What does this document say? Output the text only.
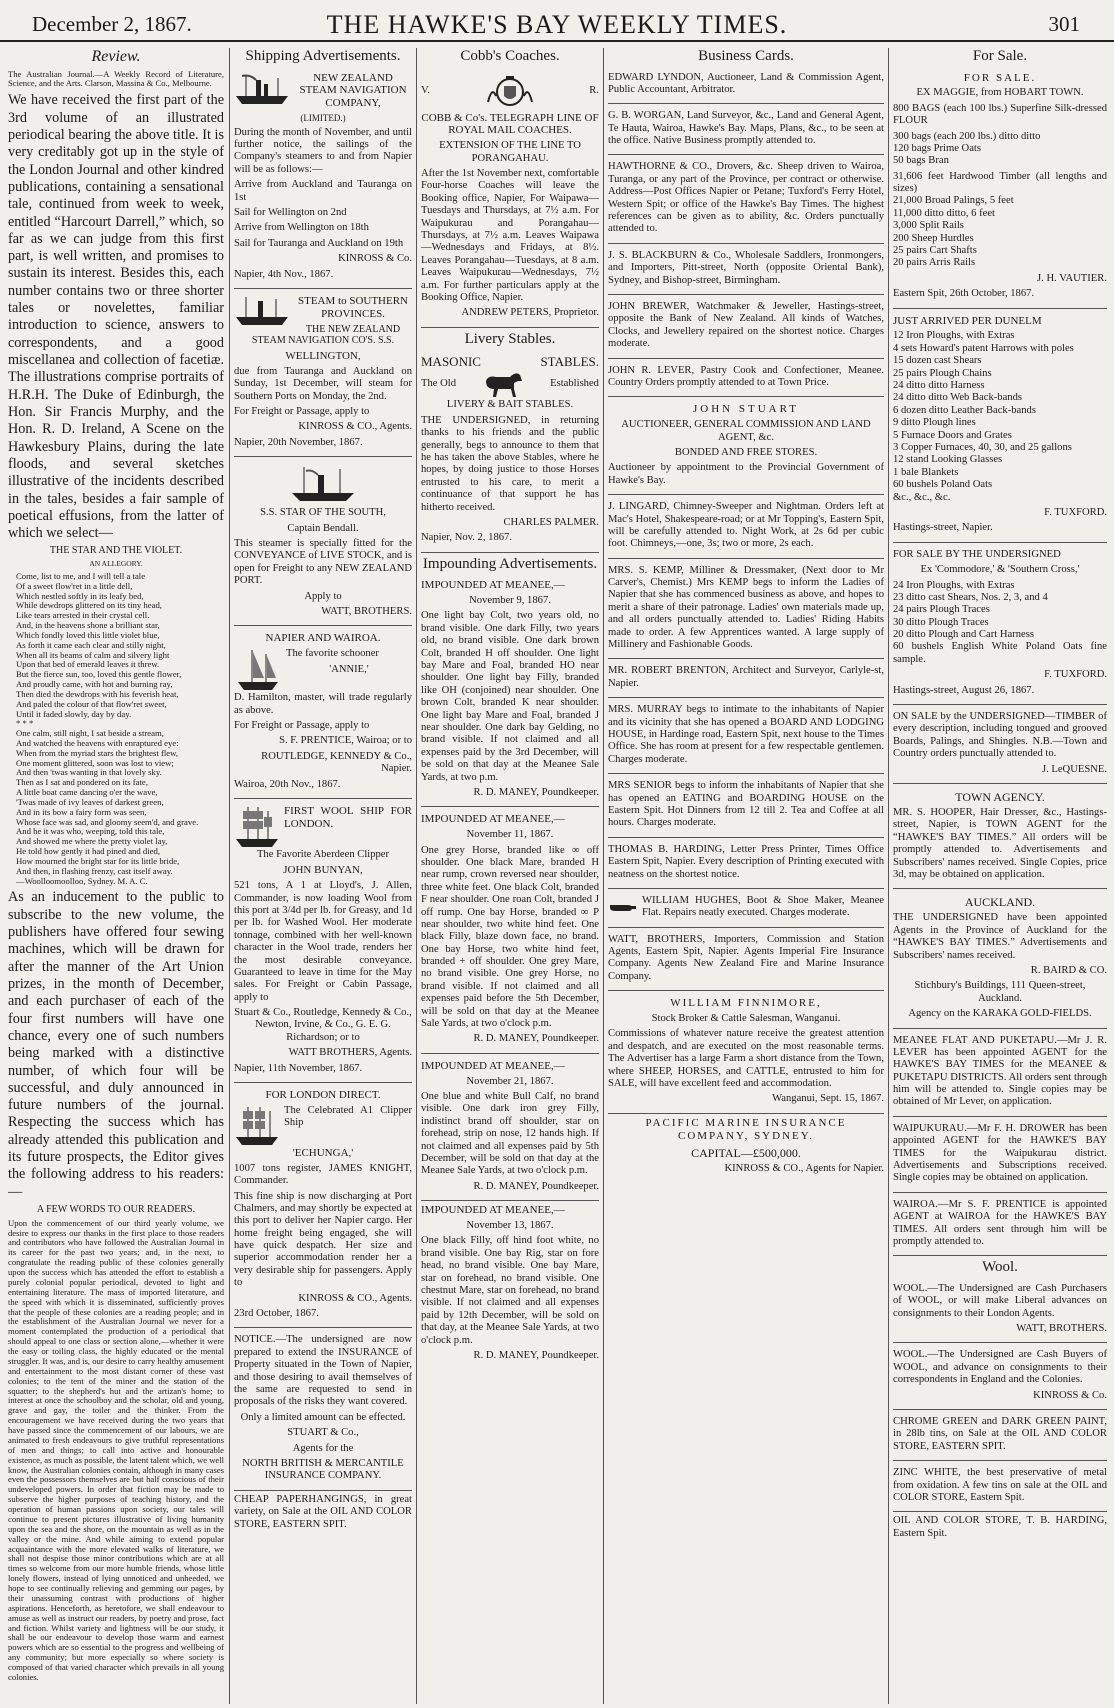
December 2, 1867.	THE HAWKE'S BAY WEEKLY TIMES.	301
Review.

The Australian Journal.—A Weekly Record of Literature, Science, and the Arts. Clarson, Massina & Co., Melbourne.

We have received the first part of the 3rd volume of an illustrated periodical bearing the above title. It is very creditably got up in the style of the London Journal and other kindred publications, containing a sensational tale, continued from week to week, entitled “Harcourt Darrell,” which, so far as we can judge from this first part, is well written, and promises to sustain its interest. Besides this, each number contains two or three shorter tales or novelettes, familiar introduction to science, answers to correspondents, and a good miscellanea and collection of facetiæ. The illustrations comprise portraits of H.R.H. The Duke of Edinburgh, the Hon. Sir Francis Murphy, and the Hon. R. D. Ireland, A Scene on the Hawkesbury Plains, during the late floods, and several sketches illustrative of the incidents described in the tales, besides a fair sample of poetical effusions, from the latter of which we select—

THE STAR AND THE VIOLET.

AN ALLEGORY.

Come, list to me, and I will tell a tale
Of a sweet flow'ret in a little dell,
Which nestled softly in its leafy bed,
While dewdrops glittered on its tiny head,
Like tears arrested in their crystal cell.
And, in the heavens shone a brilliant star,
Which fondly loved this little violet blue,
As forth it came each clear and stilly night,
When all its beams of calm and silvery light
Upon that bed of emerald leaves it threw.
But the fierce sun, too, loved this gentle flower,
And proudly came, with hot and burning ray,
Then died the dewdrops with his feverish heat,
And paled the colour of that flow'ret sweet,
Until it faded slowly, day by day.
* * *
One calm, still night, I sat beside a stream,
And watched the heavens with enraptured eye:
When from the myriad stars the brightest flew,
One moment glittered, soon was lost to view;
And then 'twas wanting in that lovely sky.
Then as I sat and pondered on its fate,
A little boat came dancing o'er the wave,
'Twas made of ivy leaves of darkest green,
And in its bow a fairy form was seen,
Whose face was sad, and gloomy seem'd, and grave.
And he it was who, weeping, told this tale,
And showed me where the pretty violet lay,
He told how gently it had pined and died,
How mourned the bright star for its little bride,
And then, in flashing frenzy, cast itself away.
—Woolloomoolloo, Sydney. M. A. C.

As an inducement to the public to subscribe to the new volume, the publishers have offered four sewing machines, which will be drawn for after the manner of the Art Union prizes, in the month of December, and each purchaser of each of the four first numbers will have one chance, every one of such numbers being marked with a distinctive number, of which four will be successful, and duly announced in future numbers of the journal. Respecting the success which has already attended this publication and its future prospects, the Editor gives the following address to his readers:—

A FEW WORDS TO OUR READERS.

Upon the commencement of our third yearly volume, we desire to express our thanks in the first place to those readers and contributors who have followed the Australian Journal in its career for the past two years; and, in the next, to congratulate the reading public of these colonies generally upon the success which has attended the effort to establish a purely colonial popular periodical, devoted to light and entertaining literature. The mass of imported literature, and the speed with which it is disseminated, sufficiently proves that the people of these colonies are a reading people; and in the establishment of the Australian Journal we never for a moment contemplated the production of a periodical that should appeal to one class or section alone,—whether it were the easy or toiling class, the highly educated or the mental struggler. It was, and is, our desire to carry healthy amusement and entertainment to the most distant corner of these vast colonies; to the tent of the miner and the station of the squatter; to the shepherd's hut and the artizan's home; to interest at once the schoolboy and the scholar, old and young, grave and gay, the toiler and the thinker. From the encouragement we have received during the two years that have passed since the commencement of our labours, we are animated to fresh endeavours to give truthful representations of men and things; to call into active and honourable existence, as much as possible, the latent talent which, we well know, the Australian colonies contain, although in many cases even the possessors themselves are but half conscious of their undeveloped powers. In order that fiction may be made to subserve the higher purposes of teaching history, and the operation of human passions upon society, our tales will continue to present pictures illustrative of living humanity upon the sea and the shore, on the mountain as well as in the valley or the mine. And while aiming to extend popular acquaintance with the more elevated walks of literature, we shall not despise those minor contributions which are at all times so welcome from our more humble friends, whose little lonely flowers, instead of lying unnoticed and unheeded, we hope to see continually relieving and gemming our pages, by their unassuming contrast with productions of higher aspirations. Henceforth, as heretofore, we shall endeavour to amuse as well as instruct our readers, by poetry and prose, fact and fiction. Whilst variety and lightness will be our study, it shall be our endeavour to develop those warm and earnest powers which are so essential to the progress and wellbeing of any community; but more especially so where society is composed of that varied character which prevails in all young colonies.

Shipping Advertisements.

NEW ZEALAND STEAM NAVIGATION COMPANY,

(LIMITED.)

During the month of November, and until further notice, the sailings of the Company's steamers to and from Napier will be as follows:—

Arrive from Auckland and Tauranga on 1st

Sail for Wellington on 2nd

Arrive from Wellington on 18th

Sail for Tauranga and Auckland on 19th

KINROSS & Co.

Napier, 4th Nov., 1867.

STEAM to SOUTHERN PROVINCES.

THE NEW ZEALAND STEAM NAVIGATION CO'S. S.S.

WELLINGTON,

due from Tauranga and Auckland on Sunday, 1st December, will steam for Southern Ports on Monday, the 2nd.

For Freight or Passage, apply to

KINROSS & CO., Agents.

Napier, 20th November, 1867.

S.S. STAR OF THE SOUTH,

Captain Bendall.

This steamer is specially fitted for the CONVEYANCE of LIVE STOCK, and is open for Freight to any NEW ZEALAND PORT.

Apply to

WATT, BROTHERS.

NAPIER AND WAIROA.

The favorite schooner

'ANNIE,'

D. Hamilton, master, will trade regularly as above.

For Freight or Passage, apply to

S. F. PRENTICE, Wairoa; or to

ROUTLEDGE, KENNEDY & Co., Napier.

Wairoa, 20th Nov., 1867.

FIRST WOOL SHIP FOR LONDON.

The Favorite Aberdeen Clipper

JOHN BUNYAN,

521 tons, A 1 at Lloyd's, J. Allen, Commander, is now loading Wool from this port at 3/4d per lb. for Greasy, and 1d per lb. for Washed Wool. Her moderate tonnage, combined with her well-known character in the Wool trade, renders her the most desirable conveyance. Guaranteed to leave in time for the May sales. For Freight or Cabin Passage, apply to

Stuart & Co., Routledge, Kennedy & Co., Newton, Irvine, & Co., G. E. G. Richardson; or to

WATT BROTHERS, Agents.

Napier, 11th November, 1867.

FOR LONDON DIRECT.

The Celebrated A1 Clipper Ship

'ECHUNGA,'

1007 tons register, JAMES KNIGHT, Commander.

This fine ship is now discharging at Port Chalmers, and may shortly be expected at this port to deliver her Napier cargo. Her home freight being engaged, she will have quick despatch. Her size and superior accommodation render her a very desirable ship for passengers. Apply to

KINROSS & CO., Agents.

23rd October, 1867.

NOTICE.—The undersigned are now prepared to extend the INSURANCE of Property situated in the Town of Napier, and those desiring to avail themselves of the same are requested to send in proposals of the risks they want covered.

Only a limited amount can be effected.

STUART & Co.,

Agents for the

NORTH BRITISH & MERCANTILE INSURANCE COMPANY.

CHEAP PAPERHANGINGS, in great variety, on Sale at the OIL AND COLOR STORE, EASTERN SPIT.

Cobb's Coaches.
V.	R.

COBB & Co's. TELEGRAPH LINE OF ROYAL MAIL COACHES.

EXTENSION OF THE LINE TO PORANGAHAU.

After the 1st November next, comfortable Four-horse Coaches will leave the Booking office, Napier, For Waipawa—Tuesdays and Thursdays, at 7½ a.m. For Waipukurau and Porangahau—Thursdays, at 7½ a.m. Leaves Waipawa—Wednesdays and Fridays, at 8½. Leaves Porangahau—Tuesdays, at 8 a.m. Leaves Waipukurau—Wednesdays, 7½ a.m. For further particulars apply at the Booking Office, Napier.

ANDREW PETERS, Proprietor.

Livery Stables.
MASONIC	STABLES.
The Old	Established

LIVERY & BAIT STABLES.

THE UNDERSIGNED, in returning thanks to his friends and the public generally, begs to announce to them that he has taken the above Stables, where he hopes, by doing justice to those Horses entrusted to his care, to merit a continuance of that support he has hitherto received.

CHARLES PALMER.

Napier, Nov. 2, 1867.

Impounding Advertisements.

IMPOUNDED AT MEANEE,—

November 9, 1867.

One light bay Colt, two years old, no brand visible. One dark Filly, two years old, no brand visible. One dark brown Colt, branded H off shoulder. One light bay Mare and Foal, branded HO near shoulder. One light bay Filly, branded like OH (conjoined) near shoulder. One brown Colt, branded K near shoulder. One light bay Mare and Foal, branded J near shoulder. One dark bay Gelding, no brand visible. If not claimed and all expenses paid by the 3rd December, will be sold on that day at the Meanee Sale Yards, at two p.m.

R. D. MANEY, Poundkeeper.

IMPOUNDED AT MEANEE,—

November 11, 1867.

One grey Horse, branded like ∞ off shoulder. One black Mare, branded H near rump, crown reversed near shoulder, three white feet. One black Colt, branded F near shoulder. One roan Colt, branded J off rump. One bay Horse, branded ∞ P near shoulder, two white hind feet. One black Filly, blaze down face, no brand. One bay Horse, two white hind feet, branded + off shoulder. One grey Mare, no brand visible. One grey Horse, no brand visible. If not claimed and all expenses paid before the 5th December, will be sold on that day at the Meanee Sale Yards, at two o'clock p.m.

R. D. MANEY, Poundkeeper.

IMPOUNDED AT MEANEE,—

November 21, 1867.

One blue and white Bull Calf, no brand visible. One dark iron grey Filly, indistinct brand off shoulder, star on forehead, strip on nose, 12 hands high. If not claimed and all expenses paid by 5th December, will be sold on that day at the Meanee Sale Yards, at two o'clock p.m.

R. D. MANEY, Poundkeeper.

IMPOUNDED AT MEANEE,—

November 13, 1867.

One black Filly, off hind foot white, no brand visible. One bay Rig, star on fore head, no brand visible. One bay Mare, star on forehead, no brand visible. One chestnut Mare, star on forehead, no brand visible. If not claimed and all expenses paid by 12th December, will be sold on that day, at the Meanee Sale Yards, at two o'clock p.m.

R. D. MANEY, Poundkeeper.

Business Cards.

EDWARD LYNDON, Auctioneer, Land & Commission Agent, Public Accountant, Arbitrator.

G. B. WORGAN, Land Surveyor, &c., Land and General Agent, Te Hauta, Wairoa, Hawke's Bay. Maps, Plans, &c., to be seen at the office. Native Business promptly attended to.

HAWTHORNE & CO., Drovers, &c. Sheep driven to Wairoa, Turanga, or any part of the Province, per contract or otherwise. Address—Post Offices Napier or Petane; Tuxford's Ferry Hotel, Western Spit; or office of the Hawke's Bay Times. The highest references can be given as to ability, &c. Orders punctually attended to.

J. S. BLACKBURN & Co., Wholesale Saddlers, Ironmongers, and Importers, Pitt-street, North (opposite Oriental Bank), Sydney, and Bishop-street, Birmingham.

JOHN BREWER, Watchmaker & Jeweller, Hastings-street, opposite the Bank of New Zealand. All kinds of Watches, Clocks, and Jewellery repaired on the shortest notice. Charges moderate.

JOHN R. LEVER, Pastry Cook and Confectioner, Meanee. Country Orders promptly attended to at Town Price.

JOHN STUART

AUCTIONEER, GENERAL COMMISSION AND LAND AGENT, &c.

BONDED AND FREE STORES.

Auctioneer by appointment to the Provincial Government of Hawke's Bay.

J. LINGARD, Chimney-Sweeper and Nightman. Orders left at Mac's Hotel, Shakespeare-road; or at Mr Topping's, Eastern Spit, will be carefully attended to. Night Work, at 2s 6d per cubic foot. Chimneys,—one, 3s; two or more, 2s each.

MRS. S. KEMP, Milliner & Dressmaker, (Next door to Mr Carver's, Chemist.) Mrs KEMP begs to inform the Ladies of Napier that she has commenced business as above, and hopes to merit a share of their patronage. Ladies' own materials made up, and all orders punctually attended to. Ladies' Riding Habits made to order. A few Apprentices wanted. A large supply of Millinery and Fashionable Goods.

MR. ROBERT BRENTON, Architect and Surveyor, Carlyle-st, Napier.

MRS. MURRAY begs to intimate to the inhabitants of Napier and its vicinity that she has opened a BOARD AND LODGING HOUSE, in Hardinge road, Eastern Spit, next house to the Times Office. She has room at present for a few respectable gentlemen. Charges moderate.

MRS SENIOR begs to inform the inhabitants of Napier that she has opened an EATING and BOARDING HOUSE on the Eastern Spit. Hot Dinners from 12 till 2. Tea and Coffee at all hours. Charges moderate.

THOMAS B. HARDING, Letter Press Printer, Times Office Eastern Spit, Napier. Every description of Printing executed with neatness on the shortest notice.

WILLIAM HUGHES, Boot & Shoe Maker, Meanee Flat. Repairs neatly executed. Charges moderate.

WATT, BROTHERS, Importers, Commission and Station Agents, Eastern Spit, Napier. Agents Imperial Fire Insurance Company. Agents New Zealand Fire and Marine Insurance Company.

WILLIAM FINNIMORE,

Stock Broker & Cattle Salesman, Wanganui.

Commissions of whatever nature receive the greatest attention and despatch, and are executed on the most reasonable terms. The Advertiser has a large Farm a short distance from the Town, where SHEEP, HORSES, and CATTLE, entrusted to him for SALE, will have excellent feed and accommodation.

Wanganui, Sept. 15, 1867.

PACIFIC MARINE INSURANCE COMPANY, SYDNEY.

CAPITAL—£500,000.

KINROSS & CO., Agents for Napier.

For Sale.

FOR SALE.

EX MAGGIE, from HOBART TOWN.

800 BAGS (each 100 lbs.) Superfine Silk-dressed FLOUR

300 bags (each 200 lbs.) ditto ditto
120 bags Prime Oats
50 bags Bran

31,606 feet Hardwood Timber (all lengths and sizes)
21,000 Broad Palings, 5 feet
11,000 ditto ditto, 6 feet
3,000 Split Rails
200 Sheep Hurdles
25 pairs Cart Shafts
20 pairs Arris Rails

J. H. VAUTIER.

Eastern Spit, 26th October, 1867.

JUST ARRIVED PER DUNELM

12 Iron Ploughs, with Extras
4 sets Howard's patent Harrows with poles
15 dozen cast Shears
25 pairs Plough Chains
24 ditto ditto Harness
24 ditto ditto Web Back-bands
6 dozen ditto Leather Back-bands
9 ditto Plough lines
5 Furnace Doors and Grates
3 Copper Furnaces, 40, 30, and 25 gallons
12 stand Looking Glasses
1 bale Blankets
60 bushels Poland Oats
&c., &c., &c.

F. TUXFORD.

Hastings-street, Napier.

FOR SALE BY THE UNDERSIGNED

Ex 'Commodore,' & 'Southern Cross,'

24 Iron Ploughs, with Extras
23 ditto cast Shears, Nos. 2, 3, and 4
24 pairs Plough Traces
30 ditto Plough Traces
20 ditto Plough and Cart Harness
60 bushels English White Poland Oats fine sample.

F. TUXFORD.

Hastings-street, August 26, 1867.

ON SALE by the UNDERSIGNED—TIMBER of every description, including tongued and grooved Boards, Palings, and Shingles. N.B.—Town and Country orders punctually attended to.

J. LeQUESNE.

TOWN AGENCY.

MR. S. HOOPER, Hair Dresser, &c., Hastings-street, Napier, is TOWN AGENT for the “HAWKE'S BAY TIMES.” All orders will be promptly attended to. Advertisements and Subscribers' names received. Single Copies, price 3d, may be obtained on application.

AUCKLAND.

THE UNDERSIGNED have been appointed Agents in the Province of Auckland for the “HAWKE'S BAY TIMES.” Advertisements and Subscribers' names received.

R. BAIRD & CO.

Stichbury's Buildings, 111 Queen-street, Auckland.

Agency on the KARAKA GOLD-FIELDS.

MEANEE FLAT AND PUKETAPU.—Mr J. R. LEVER has been appointed AGENT for the HAWKE'S BAY TIMES for the MEANEE & PUKETAPU DISTRICTS. All orders sent through him will be attended to. Single copies may be obtained of Mr Lever, on application.

WAIPUKURAU.—Mr F. H. DROWER has been appointed AGENT for the HAWKE'S BAY TIMES for the Waipukurau district. Advertisements and Subscriptions received. Single copies may be obtained on application.

WAIROA.—Mr S. F. PRENTICE is appointed AGENT at WAIROA for the HAWKE'S BAY TIMES. All orders sent through him will be promptly attended to.

Wool.

WOOL.—The Undersigned are Cash Purchasers of WOOL, or will make Liberal advances on consignments to their London Agents.

WATT, BROTHERS.

WOOL.—The Undersigned are Cash Buyers of WOOL, and advance on consignments to their correspondents in England and the Colonies.

KINROSS & Co.

CHROME GREEN and DARK GREEN PAINT, in 28lb tins, on Sale at the OIL AND COLOR STORE, EASTERN SPIT.

ZINC WHITE, the best preservative of metal from oxidation. A few tins on sale at the OIL and COLOR STORE, Eastern Spit.

OIL AND COLOR STORE, T. B. HARDING, Eastern Spit.
